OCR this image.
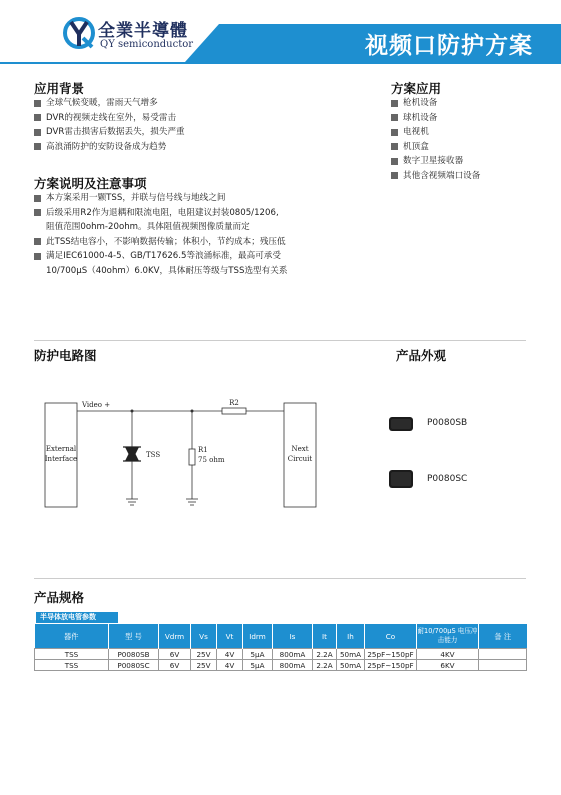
视频口防护方案
全業半導體
QY semiconductor
应用背景
全球气候变暖，雷雨天气增多
DVR的视频走线在室外，易受雷击
DVR雷击损害后数据丢失，损失严重
高浪涌防护的安防设备成为趋势
方案应用
枪机设备
球机设备
电视机
机顶盒
数字卫星接收器
其他含视频端口设备
方案说明及注意事项
本方案采用一颗TSS，并联与信号线与地线之间
后级采用R2作为退耦和限流电阻，电阻建议封装0805/1206,
阻值范围0ohm-20ohm。具体阻值视频图像质量而定
此TSS结电容小，不影响数据传输；体积小，节约成本；残压低
满足IEC61000-4-5、GB/T17626.5等浪涌标准，最高可承受
10/700μS（40ohm）6.0KV，具体耐压等级与TSS选型有关系
防护电路图
External
Interface
Next
Circuit
Video +	R2
TSS
R1
75 ohm
产品外观
P0080SB
P0080SC
产品规格
半导体放电管参数
器件	型 号	Vdrm	Vs	Vt	Idrm	Is	It	Ih	Co	耐10/700μS 电压冲击能力	备 注
TSS	P0080SB	6V	25V	4V	5μA	800mA	2.2A	50mA	25pF~150pF	4KV	
TSS	P0080SC	6V	25V	4V	5μA	800mA	2.2A	50mA	25pF~150pF	6KV	
